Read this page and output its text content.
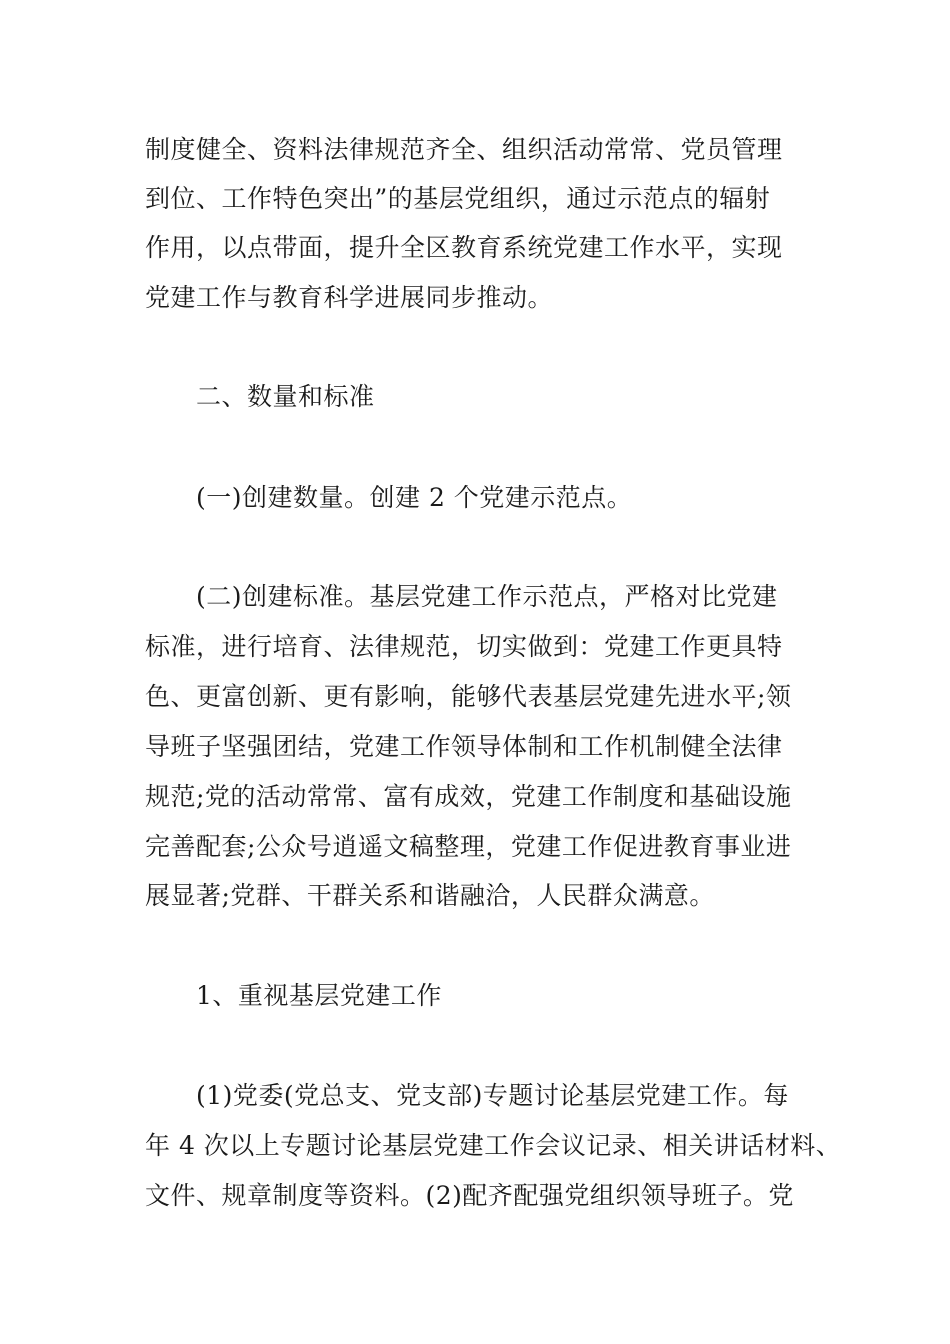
制度健全、资料法律规范齐全、组织活动常常、党员管理
到位、工作特色突出”的基层党组织，通过示范点的辐射
作用，以点带面，提升全区教育系统党建工作水平，实现
党建工作与教育科学进展同步推动。
二、数量和标准
(一)创建数量。创建 2 个党建示范点。
(二)创建标准。基层党建工作示范点，严格对比党建
标准，进行培育、法律规范，切实做到：党建工作更具特
色、更富创新、更有影响，能够代表基层党建先进水平;领
导班子坚强团结，党建工作领导体制和工作机制健全法律
规范;党的活动常常、富有成效，党建工作制度和基础设施
完善配套;公众号逍遥文稿整理，党建工作促进教育事业进
展显著;党群、干群关系和谐融洽，人民群众满意。
1、重视基层党建工作
(1)党委(党总支、党支部)专题讨论基层党建工作。每
年 4 次以上专题讨论基层党建工作会议记录、相关讲话材料、
文件、规章制度等资料。(2)配齐配强党组织领导班子。党
